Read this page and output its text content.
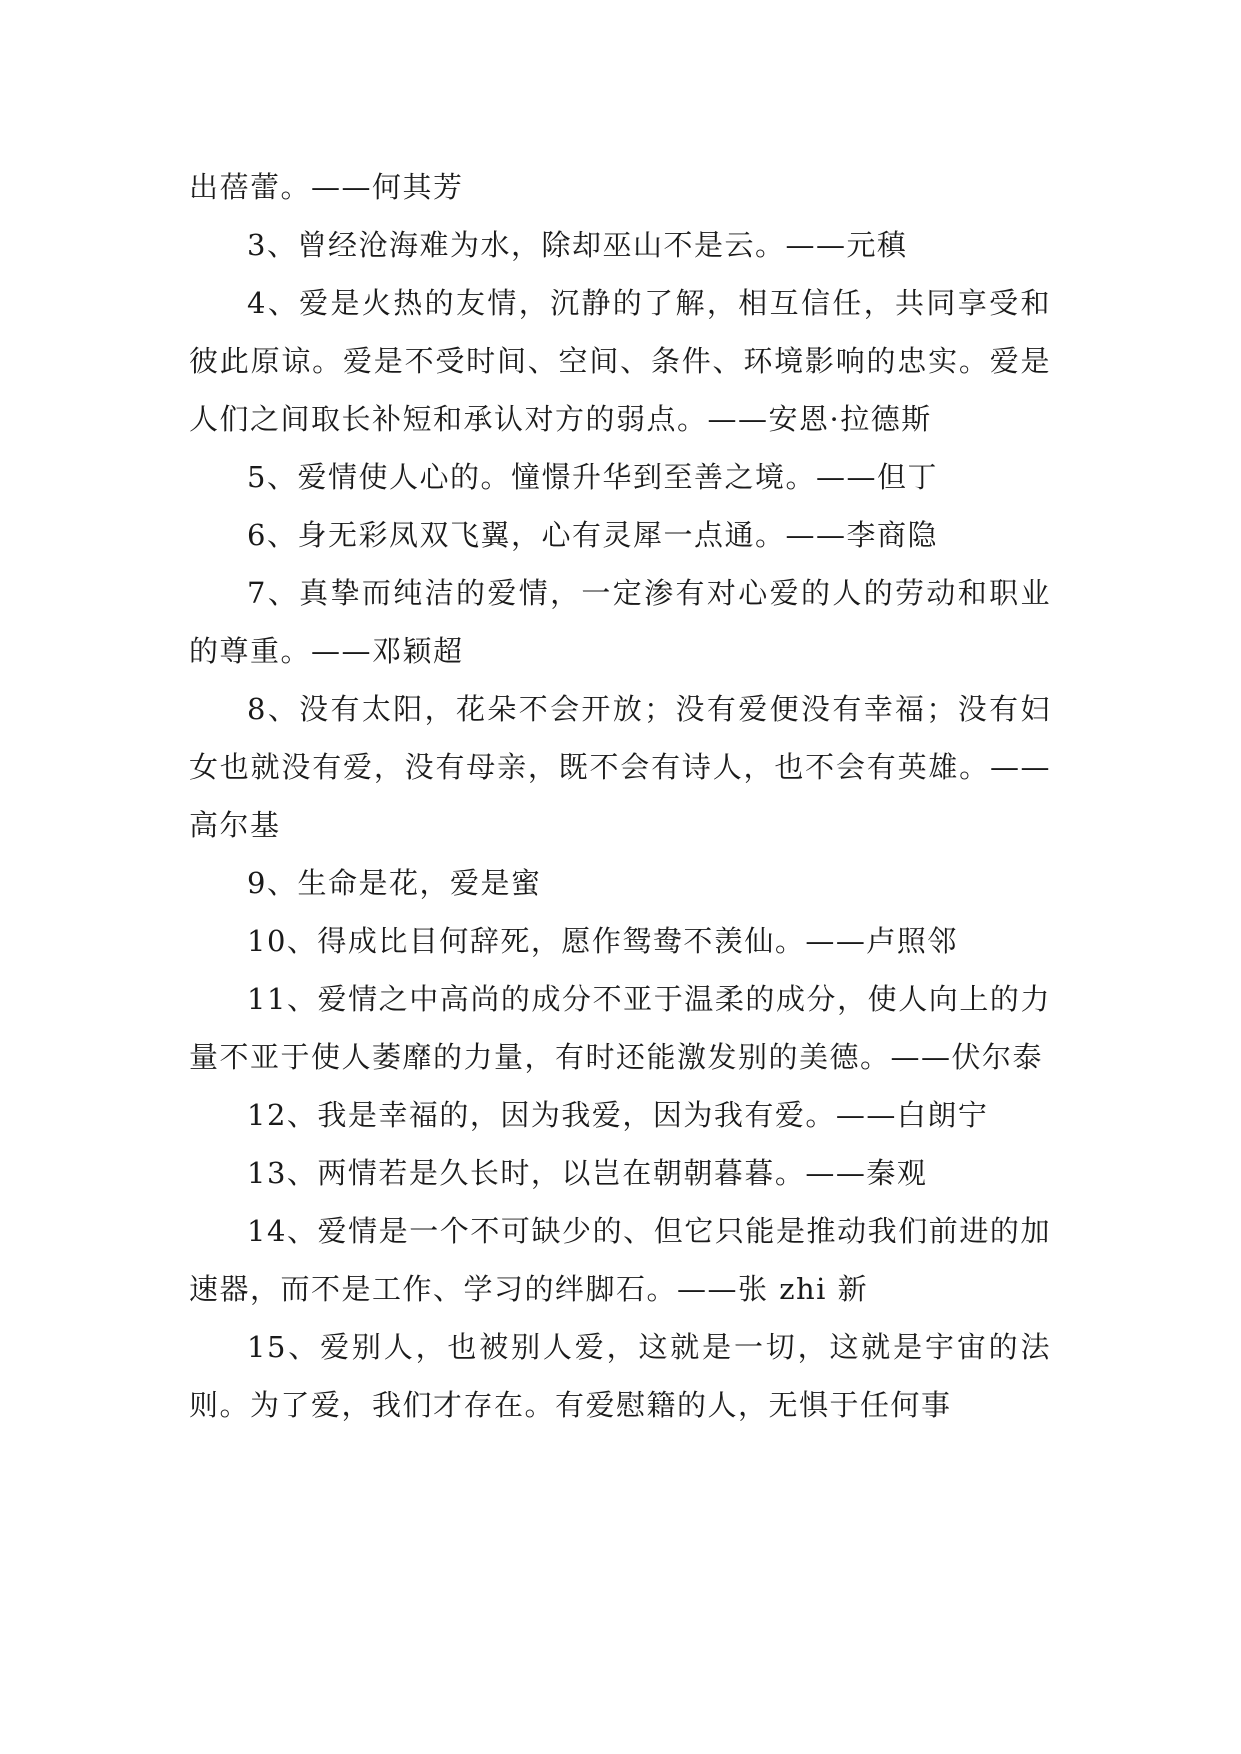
出蓓蕾。——何其芳

3、曾经沧海难为水，除却巫山不是云。——元稹

4、爱是火热的友情，沉静的了解，相互信任，共同享受和彼此原谅。爱是不受时间、空间、条件、环境影响的忠实。爱是人们之间取长补短和承认对方的弱点。——安恩·拉德斯

5、爱情使人心的。憧憬升华到至善之境。——但丁

6、身无彩凤双飞翼，心有灵犀一点通。——李商隐

7、真挚而纯洁的爱情，一定渗有对心爱的人的劳动和职业的尊重。——邓颖超

8、没有太阳，花朵不会开放；没有爱便没有幸福；没有妇女也就没有爱，没有母亲，既不会有诗人，也不会有英雄。——高尔基

9、生命是花，爱是蜜

10、得成比目何辞死，愿作鸳鸯不羡仙。——卢照邻

11、爱情之中高尚的成分不亚于温柔的成分，使人向上的力量不亚于使人萎靡的力量，有时还能激发别的美德。——伏尔泰

12、我是幸福的，因为我爱，因为我有爱。——白朗宁

13、两情若是久长时，以岂在朝朝暮暮。——秦观

14、爱情是一个不可缺少的、但它只能是推动我们前进的加速器，而不是工作、学习的绊脚石。——张 zhi 新

15、爱别人，也被别人爱，这就是一切，这就是宇宙的法则。为了爱，我们才存在。有爱慰籍的人，无惧于任何事
